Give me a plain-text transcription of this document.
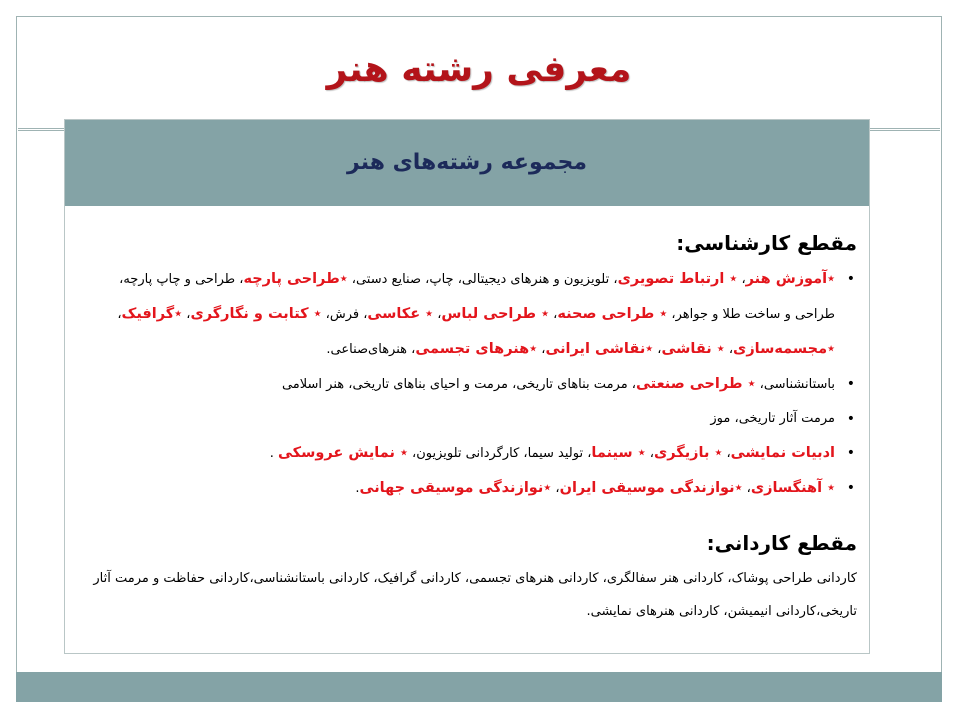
معرفی رشته هنر
مجموعه رشته‌های هنر
مقطع کارشناسی:
•
٭آموزش هنر، ٭ ارتباط تصویری، تلویزیون و هنرهای دیجیتالی، چاپ، صنایع دستی، ٭طراحی پارچه، طراحی و چاپ پارچه، طراحی و ساخت طلا و جواهر، ٭ طراحی صحنه، ٭ طراحی لباس، ٭ عکاسی، فرش، ٭ کتابت و نگارگری، ٭گرافیک، ٭مجسمه‌سازی، ٭ نقاشی، ٭نقاشی ایرانی، ٭هنرهای تجسمی، هنرهای‌صناعی.
•
باستانشناسی، ٭ طراحی صنعتی، مرمت بناهای تاریخی، مرمت و احیای بناهای تاریخی، هنر اسلامی
•
مرمت آثار تاریخی، موز
•
ادبیات نمایشی، ٭ بازیگری، ٭ سینما، تولید سیما، کارگردانی تلویزیون، ٭ نمایش عروسکی .
•
٭ آهنگسازی، ٭نوازندگی موسیقی ایران، ٭نوازندگی موسیقی جهانی.
مقطع کاردانی:
کاردانی طراحی پوشاک، کاردانی هنر سفالگری، کاردانی هنرهای تجسمی، کاردانی گرافیک، کاردانی باستانشناسی،کاردانی حفاظت و مرمت آثار تاریخی،کاردانی انیمیشن، کاردانی هنرهای نمایشی.
